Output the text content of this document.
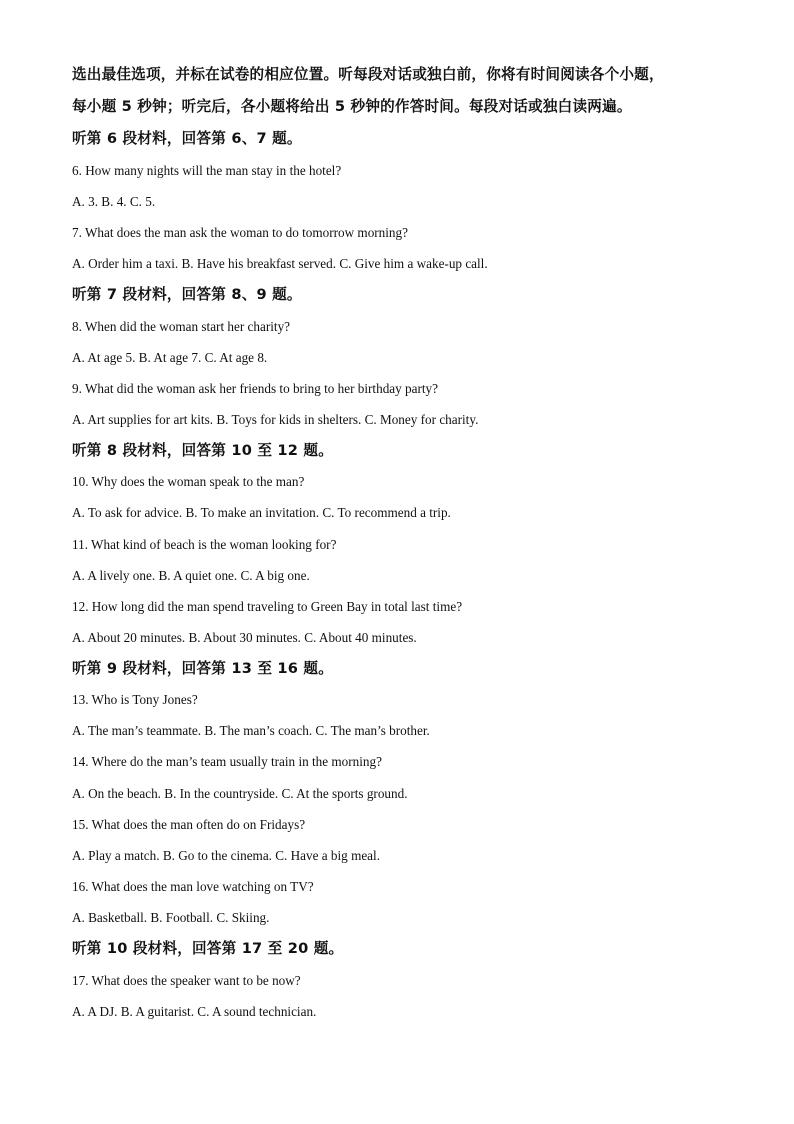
选出最佳选项，并标在试卷的相应位置。听每段对话或独白前，你将有时间阅读各个小题，
每小题 5 秒钟；听完后，各小题将给出 5 秒钟的作答时间。每段对话或独白读两遍。
听第 6 段材料，回答第 6、7 题。
6. How many nights will the man stay in the hotel?
A. 3. B. 4. C. 5.
7. What does the man ask the woman to do tomorrow morning?
A. Order him a taxi. B. Have his breakfast served. C. Give him a wake-up call.
听第 7 段材料，回答第 8、9 题。
8. When did the woman start her charity?
A. At age 5. B. At age 7. C. At age 8.
9. What did the woman ask her friends to bring to her birthday party?
A. Art supplies for art kits. B. Toys for kids in shelters. C. Money for charity.
听第 8 段材料，回答第 10 至 12 题。
10. Why does the woman speak to the man?
A. To ask for advice. B. To make an invitation. C. To recommend a trip.
11. What kind of beach is the woman looking for?
A. A lively one. B. A quiet one. C. A big one.
12. How long did the man spend traveling to Green Bay in total last time?
A. About 20 minutes. B. About 30 minutes. C. About 40 minutes.
听第 9 段材料，回答第 13 至 16 题。
13. Who is Tony Jones?
A. The man’s teammate. B. The man’s coach. C. The man’s brother.
14. Where do the man’s team usually train in the morning?
A. On the beach. B. In the countryside. C. At the sports ground.
15. What does the man often do on Fridays?
A. Play a match. B. Go to the cinema. C. Have a big meal.
16. What does the man love watching on TV?
A. Basketball. B. Football. C. Skiing.
听第 10 段材料，回答第 17 至 20 题。
17. What does the speaker want to be now?
A. A DJ. B. A guitarist. C. A sound technician.
